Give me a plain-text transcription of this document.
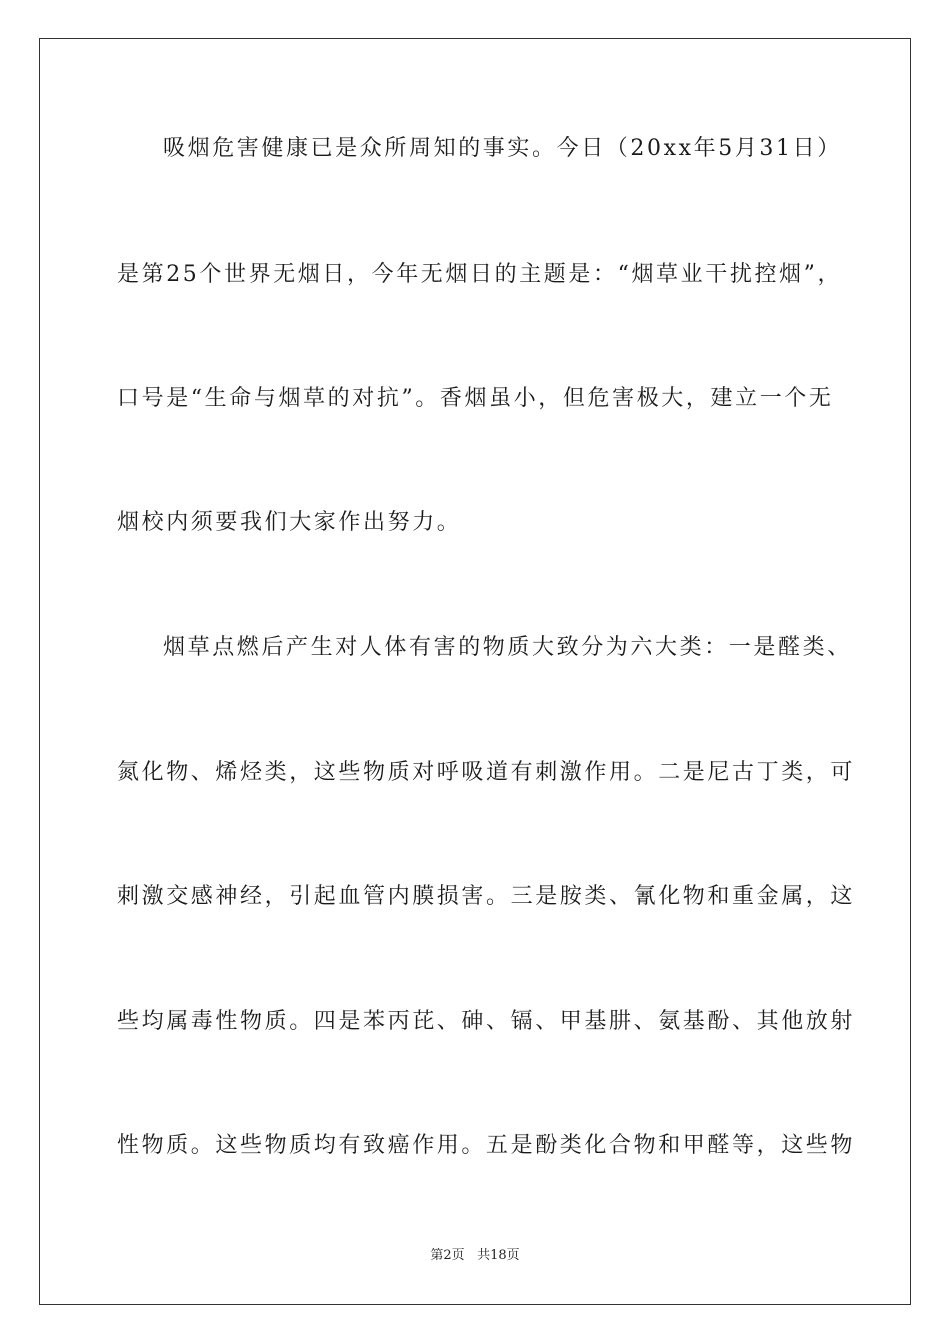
吸烟危害健康已是众所周知的事实。今日（20xx年5月31日）
是第25个世界无烟日，今年无烟日的主题是：“烟草业干扰控烟”，
口号是“生命与烟草的对抗”。香烟虽小，但危害极大，建立一个无
烟校内须要我们大家作出努力。
烟草点燃后产生对人体有害的物质大致分为六大类：一是醛类、
氮化物、烯烃类，这些物质对呼吸道有刺激作用。二是尼古丁类，可
刺激交感神经，引起血管内膜损害。三是胺类、氰化物和重金属，这
些均属毒性物质。四是苯丙芘、砷、镉、甲基肼、氨基酚、其他放射
性物质。这些物质均有致癌作用。五是酚类化合物和甲醛等，这些物
第2页 共18页
